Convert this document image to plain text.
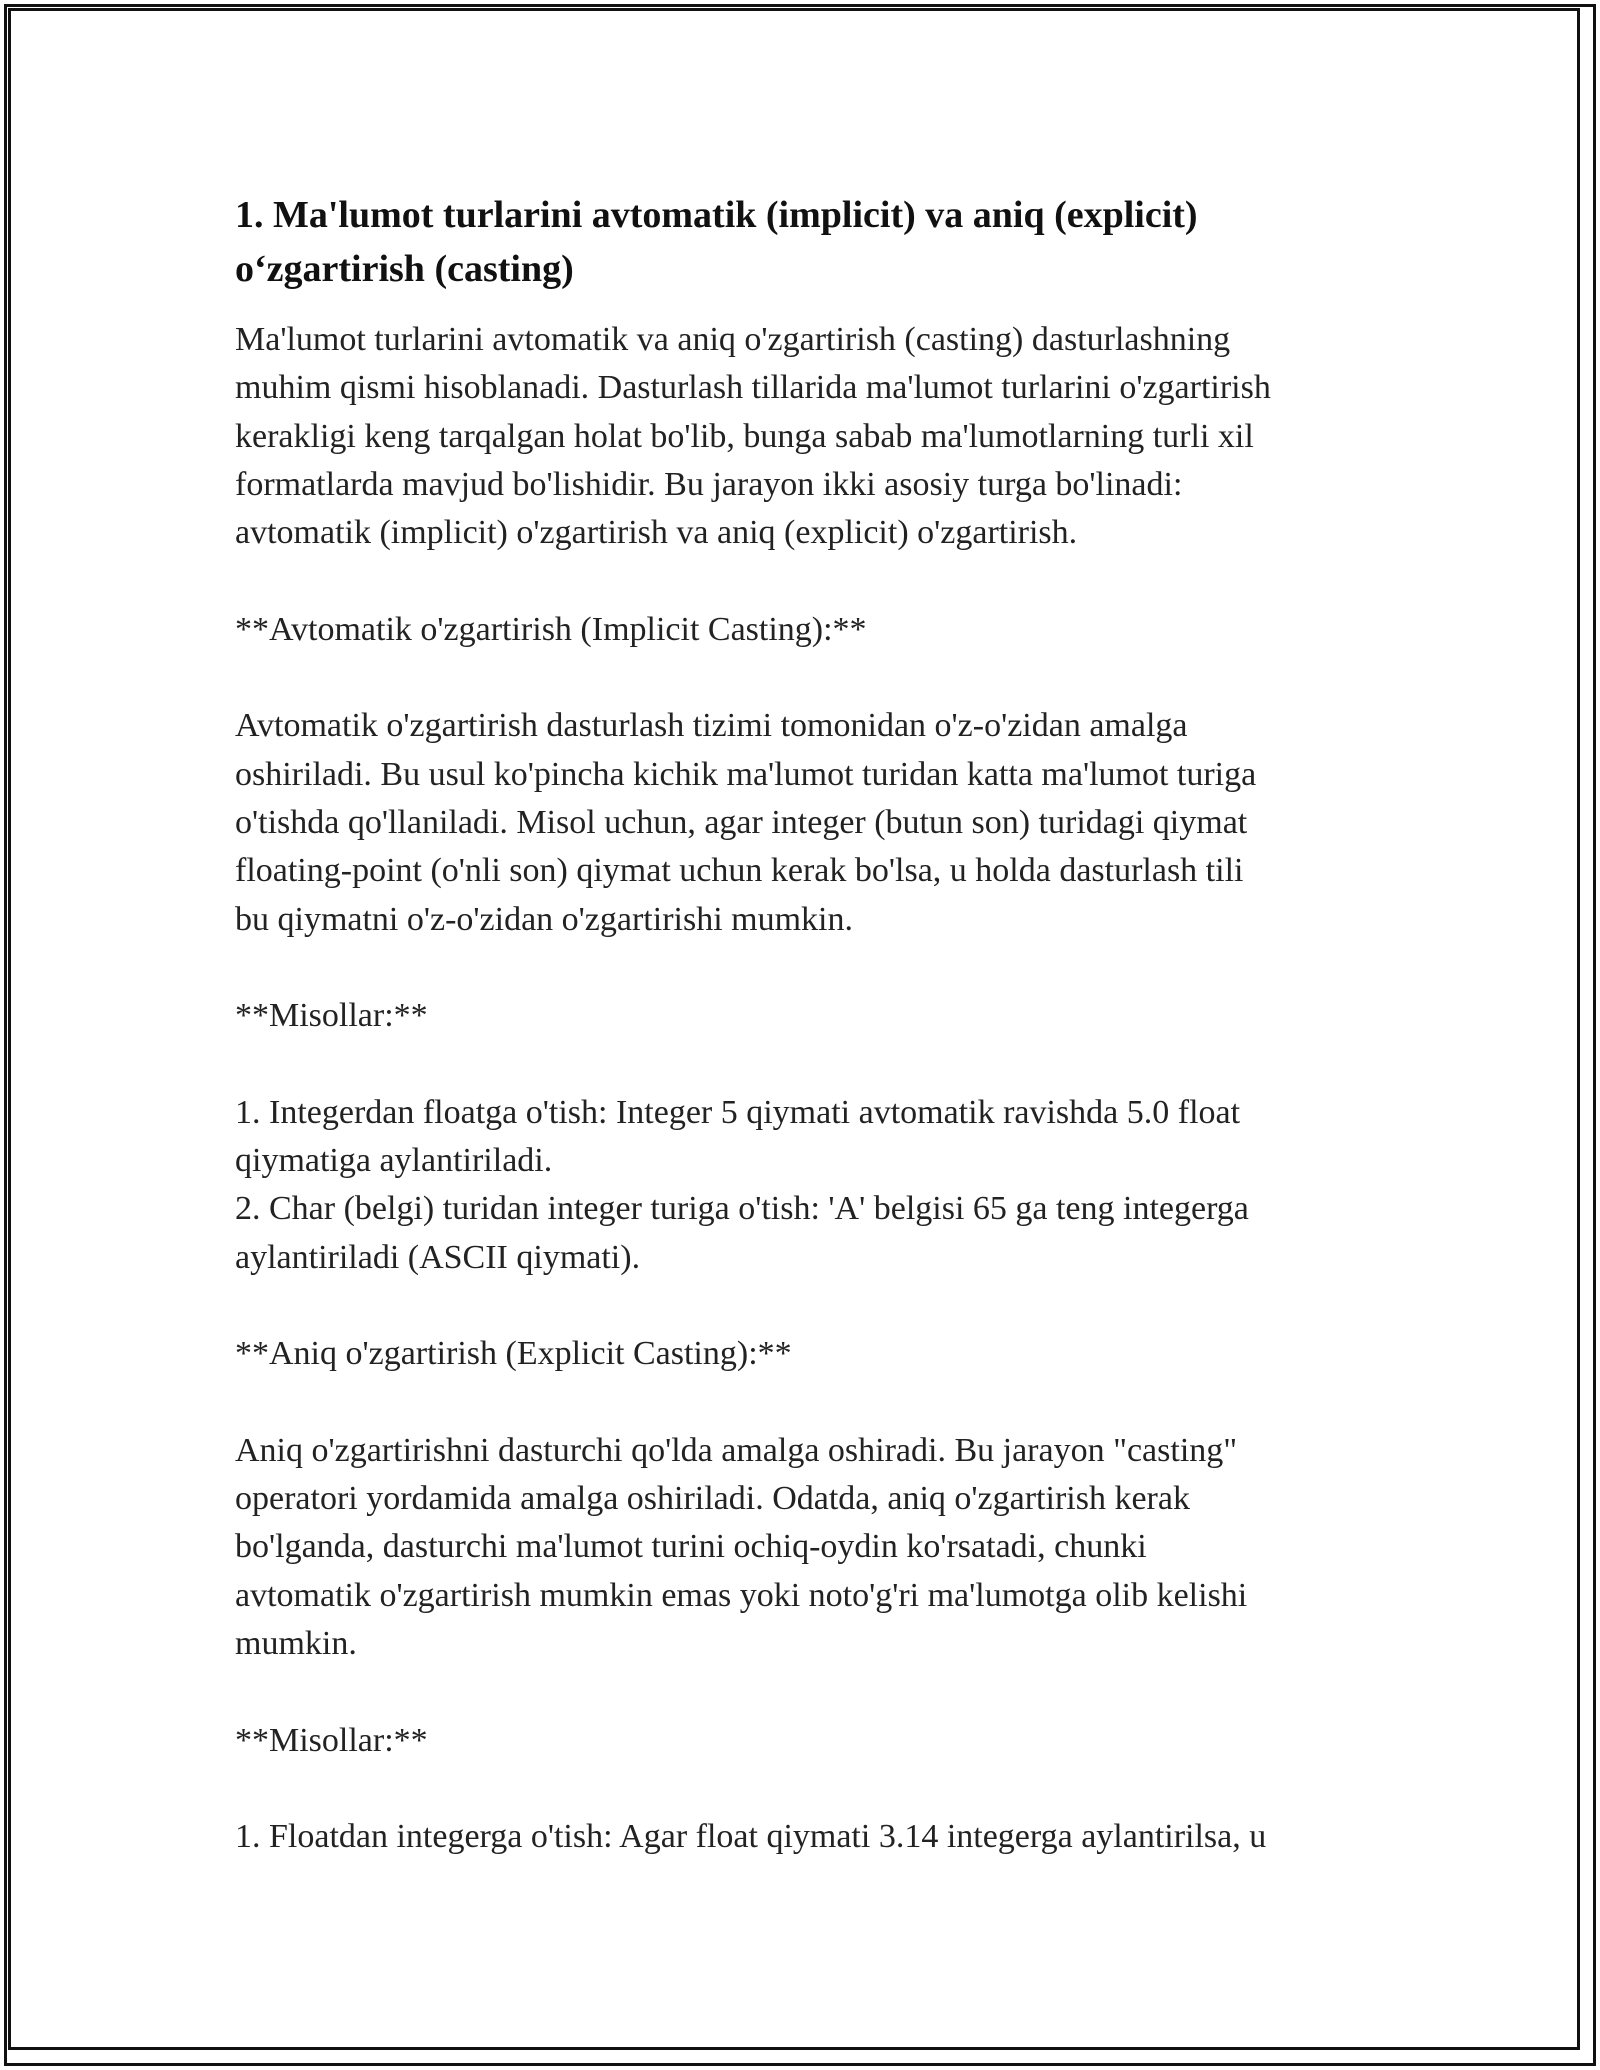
1. Ma'lumot turlarini avtomatik (implicit) va aniq (explicit) o‘zgartirish (casting)
Ma'lumot turlarini avtomatik va aniq o'zgartirish (casting) dasturlashning
muhim qismi hisoblanadi. Dasturlash tillarida ma'lumot turlarini o'zgartirish
kerakligi keng tarqalgan holat bo'lib, bunga sabab ma'lumotlarning turli xil
formatlarda mavjud bo'lishidir. Bu jarayon ikki asosiy turga bo'linadi:
avtomatik (implicit) o'zgartirish va aniq (explicit) o'zgartirish.

**Avtomatik o'zgartirish (Implicit Casting):**

Avtomatik o'zgartirish dasturlash tizimi tomonidan o'z-o'zidan amalga
oshiriladi. Bu usul ko'pincha kichik ma'lumot turidan katta ma'lumot turiga
o'tishda qo'llaniladi. Misol uchun, agar integer (butun son) turidagi qiymat
floating-point (o'nli son) qiymat uchun kerak bo'lsa, u holda dasturlash tili
bu qiymatni o'z-o'zidan o'zgartirishi mumkin.

**Misollar:**

1. Integerdan floatga o'tish: Integer 5 qiymati avtomatik ravishda 5.0 float
qiymatiga aylantiriladi.
2. Char (belgi) turidan integer turiga o'tish: 'A' belgisi 65 ga teng integerga
aylantiriladi (ASCII qiymati).

**Aniq o'zgartirish (Explicit Casting):**

Aniq o'zgartirishni dasturchi qo'lda amalga oshiradi. Bu jarayon "casting"
operatori yordamida amalga oshiriladi. Odatda, aniq o'zgartirish kerak
bo'lganda, dasturchi ma'lumot turini ochiq-oydin ko'rsatadi, chunki
avtomatik o'zgartirish mumkin emas yoki noto'g'ri ma'lumotga olib kelishi
mumkin.

**Misollar:**

1. Floatdan integerga o'tish: Agar float qiymati 3.14 integerga aylantirilsa, u
